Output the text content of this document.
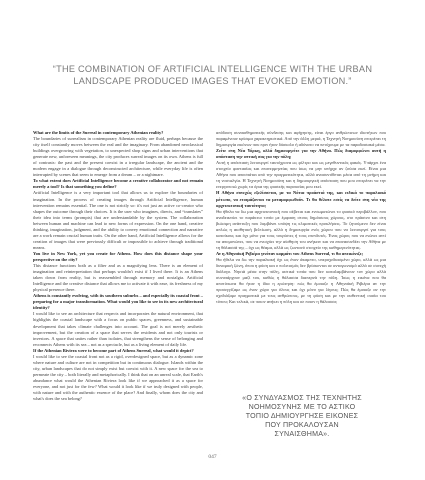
“THE COMBINATION OF ARTIFICIAL INTELLIGENCE WITH THE URBAN LANDSCAPE PRODUCED IMAGES THAT EVOKED EMOTION.”

What are the limits of the Surreal in contemporary Athenian reality?

The boundaries of surrealism in contemporary Athenian reality are fluid, perhaps because the city itself constantly moves between the real and the imaginary. From abandoned neoclassical buildings overgrowing with vegetation, to unexpected shop signs and urban interventions that generate new, unforeseen meanings, the city produces surreal images on its own. Athens is full of contrasts: the past and the present coexist in a irregular landscape, the ancient and the modern engage in a dialogue through deconstructed architecture, while everyday life is often interrupted by scenes that seem to emerge from a dream – or a nightmare.

To what extent does Artificial Intelligence become a creative collaborator and not remain merely a tool? Is that something you define?

Artificial Intelligence is a very important tool that allows us to explore the boundaries of imagination. In the process of creating images through Artificial Intelligence, human intervention remains essential. The one is not strictly so: it's not just an active co-creator who shapes the outcome through their choices. It is the user who imagines, directs, and “translates” their idea into terms (prompts) that are understandable by the system. The collaboration between human and machine can lead to new forms of expression. On the one hand, creative thinking, imagination, judgment, and the ability to convey emotional connection and narrative are a work remain crucial human traits. On the other hand, Artificial Intelligence allows for the creation of images that were previously difficult or impossible to achieve through traditional means.

You live in New York, yet you create for Athens. How does this distance shape your perspective on the city?

This distance functions both as a filter and as a magnifying lens. There is an element of imagination and reinterpretation that perhaps wouldn't exist if I lived there. It is an Athens taken down from reality, but is reassembled through memory and nostalgia. Artificial Intelligence and the creative distance that allows me to activate it with ease, its freshness of my physical presence there.

Athens is constantly evolving, with its southern suburbs – and especially its coastal front – preparing for a major transformation. What would you like to see in its new architectural identity?

I would like to see an architecture that respects and incorporates the natural environment, that highlights the coastal landscape with a focus on public spaces, greenness, and sustainable development that takes climate challenges into account. The goal is not merely aesthetic improvement, but the creation of a space that serves the residents and not only tourists or investors. A space that unites rather than isolates, that strengthens the sense of belonging and reconnects Athens with its sea – not as a spectacle, but as a living element of daily life.

If the Athenian Riviera were to become part of Athens Surreal, what would it depict?

I would like to see the coastal front not as a rigid, overdesigned space, but as a dynamic zone where nature and culture are not in competition but in continuous dialogue. Islands within the city, urban landscapes that do not simply exist but coexist with it. A new space for the sea to permeate the city – both literally and metaphorically. I think that on an unreal scale, that Earth's abundance what would the Athenian Riviera look like if we approached it as a space for everyone, and not just for the few? What would it look like if we truly designed with people, with nature and with the authentic essence of the place? And finally, whom does the city and what's does the sea belong?

απόδοση συναισθηματικής σύνδεσης και αφήγησης, είναι έργο ανθρώπινων ιδιοτήτων που παραμένουν κρίσιμα χαρακτηριστικά. Από την άλλη μεριά, η Τεχνητή Νοημοσύνη επιτρέπει τη δημιουργία εικόνων που πριν ήταν δύσκολο ή αδύνατο να πετύχουμε με τα παραδοσιακά μέσα.

Ζείτε στη Νέα Υόρκη, αλλά δημιουργείτε για την Αθήνα. Πώς διαμορφώνει αυτή η απόσταση την οπτική σας για την πόλη;

Αυτή η απόσταση λειτουργεί ταυτόχρονα ως φίλτρο και ως μεγεθυντικός φακός. Υπάρχει ένα στοιχείο φαντασίας και επανερμηνείας που ίσως να μην υπήρχε αν ζούσα εκεί. Είναι μια Αθήνα που αποσπάται από την πραγματικότητα, αλλά ανασυντίθεται μέσα από τη μνήμη και τη νοσταλγία. Η Τεχνητή Νοημοσύνη και η δημιουργική απόσταση που μου επιτρέπει να την ενεργοποιώ χωρίς τα όρια της φυσικής παρουσίας μου εκεί.

Η Αθήνα συνεχώς εξελίσσεται, με τα Νότια προάστιά της, και ειδικά το παραλιακό μέτωπο, να ετοιμάζονται να μεταμορφωθούν. Τι θα θέλατε εσείς να δείτε στη νέα της αρχιτεκτονική ταυτότητα;

Θα ήθελα να δω μια αρχιτεκτονική που σέβεται και ενσωματώνει το φυσικό περιβάλλον, που αναδεικνύει το παράκτιο τοπίο με έμφαση στους δημόσιους χώρους, στο πράσινο και στη βιώσιμη ανάπτυξη που λαμβάνει υπόψη τις κλιματικές προκλήσεις. Το ζητούμενο δεν είναι απλώς η αισθητική βελτίωση, αλλά η δημιουργία ενός χώρου που να λειτουργεί για τους κατοίκους και όχι μόνο για τους τουρίστες ή τους επενδυτές. Ένας χώρος που να ενώνει αντί να απομονώνει, που να ενισχύει την αίσθηση του ανήκειν και να επανασυνδέει την Αθήνα με τη θάλασσά της – όχι ως θέαμα, αλλά ως ζωντανό στοιχείο της καθημερινότητας.

Αν η Αθηναϊκή Ριβιέρα γινόταν κομμάτι του Athens Surreal, τι θα απεικόνιζε;

Θα ήθελα να δω την παραλιακή όχι ως έναν άκαμπτο, υπερσχεδιασμένο χώρο, αλλά ως μια δυναμική ζώνη, όπου η φύση και ο πολιτισμός δεν βρίσκονται σε ανταγωνισμό αλλά σε συνεχή διάλογο. Νησιά μέσα στην πόλη, αστικά τοπία που δεν καταλαμβάνουν τον χώρο αλλά συνυπάρχουν μαζί του, καθώς η θάλασσα διαπερνά την πόλη. Ίσως η εικόνα που θα αποτύπωνα θα ήταν η ίδια η ερώτηση: πώς θα έμοιαζε η Αθηναϊκή Ριβιέρα αν την προσεγγίζαμε ως έναν χώρο για όλους και όχι μόνο για λίγους; Πώς θα έμοιαζε αν την σχεδιάζαμε πραγματικά με τους ανθρώπους, με τη φύση και με την αυθεντική ουσία του τόπου; Και τελικά, σε ποιον ανήκει η πόλη και σε ποιον η θάλασσα;

«Ο ΣΥΝΔΥΑΣΜΟΣ ΤΗΣ ΤΕΧΝΗΤΗΣ ΝΟΗΜΟΣΥΝΗΣ ΜΕ ΤΟ ΑΣΤΙΚΟ ΤΟΠΙΟ ΔΗΜΙΟΥΡΓΗΣΕ ΕΙΚΟΝΕΣ ΠΟΥ ΠΡΟΚΑΛΟΥΣΑΝ ΣΥΝΑΙΣΘΗΜΑ».
047
